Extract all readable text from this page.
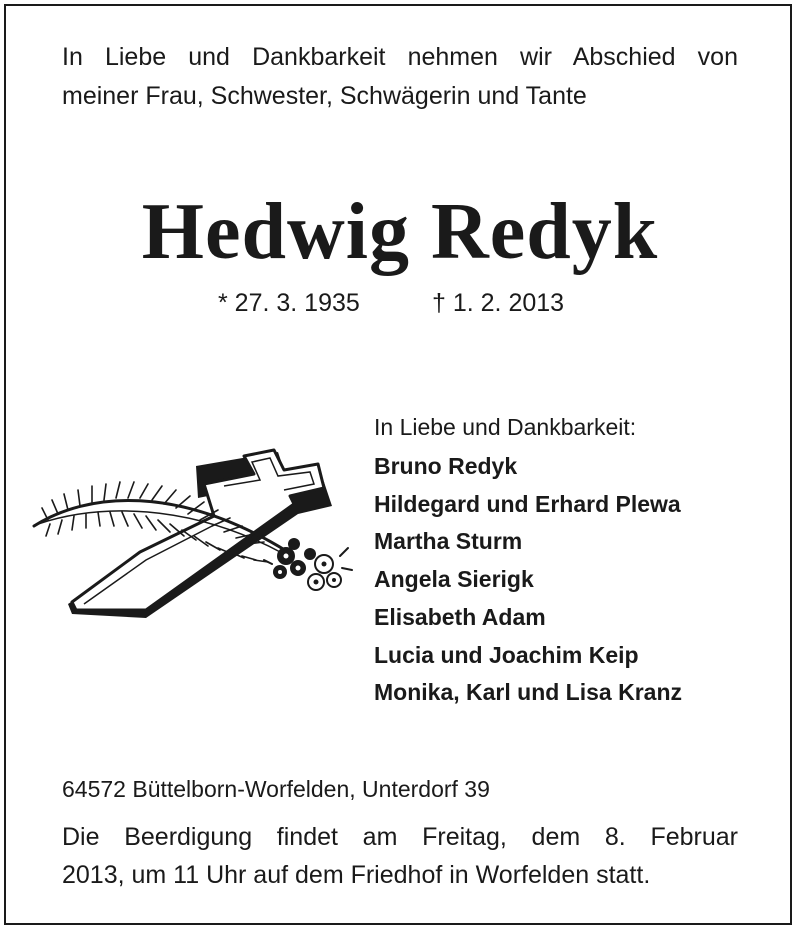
In Liebe und Dankbarkeit nehmen wir Abschied von
meiner Frau, Schwester, Schwägerin und Tante

Hedwig Redyk
* 27. 3. 1935	† 1. 2. 2013

In Liebe und Dankbarkeit:

Bruno Redyk
Hildegard und Erhard Plewa
Martha Sturm
Angela Sierigk
Elisabeth Adam
Lucia und Joachim Keip
Monika, Karl und Lisa Kranz

64572 Büttelborn-Worfelden, Unterdorf 39

Die Beerdigung findet am Freitag, dem 8. Februar
2013, um 11 Uhr auf dem Friedhof in Worfelden statt.
